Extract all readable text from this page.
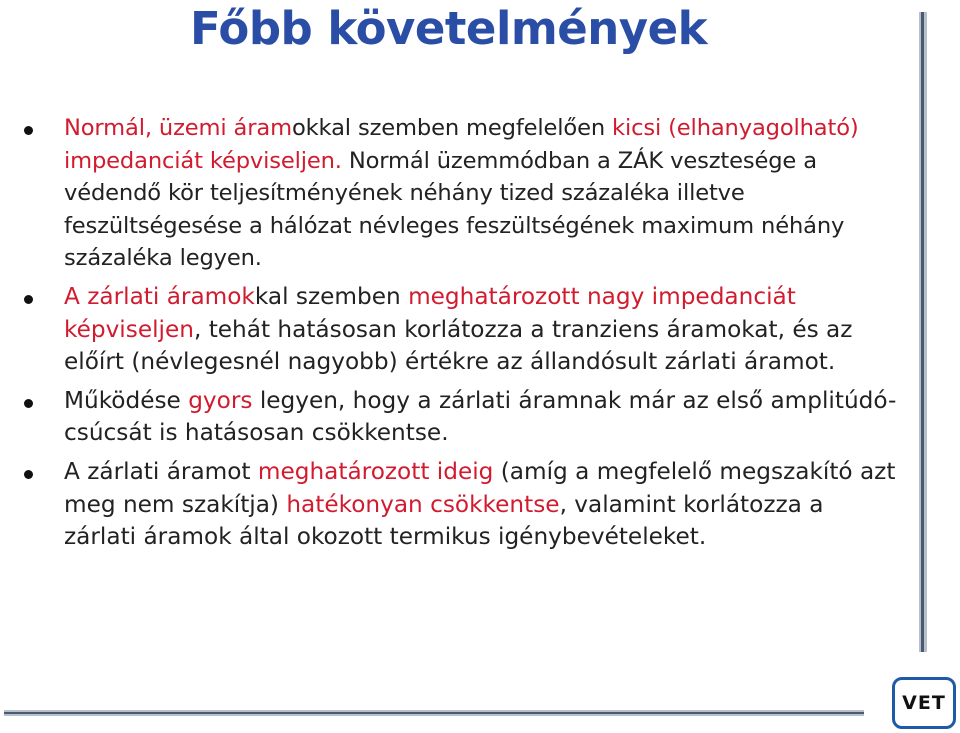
Főbb követelmények
Normál, üzemi áramokkal szemben megfelelően kicsi (elhanyagolható) impedanciát képviseljen. Normál üzemmódban a ZÁK vesztesége a védendő kör teljesítményének néhány tized százaléka illetve feszültségesése a hálózat névleges feszültségének maximum néhány százaléka legyen.
A zárlati áramokkal szemben meghatározott nagy impedanciát képviseljen, tehát hatásosan korlátozza a tranziens áramokat, és az előírt (névlegesnél nagyobb) értékre az állandósult zárlati áramot.
Működése gyors legyen, hogy a zárlati áramnak már az első amplitúdó-csúcsát is hatásosan csökkentse.
A zárlati áramot meghatározott ideig (amíg a megfelelő megszakító azt meg nem szakítja) hatékonyan csökkentse, valamint korlátozza a zárlati áramok által okozott termikus igénybevételeket.
VET
